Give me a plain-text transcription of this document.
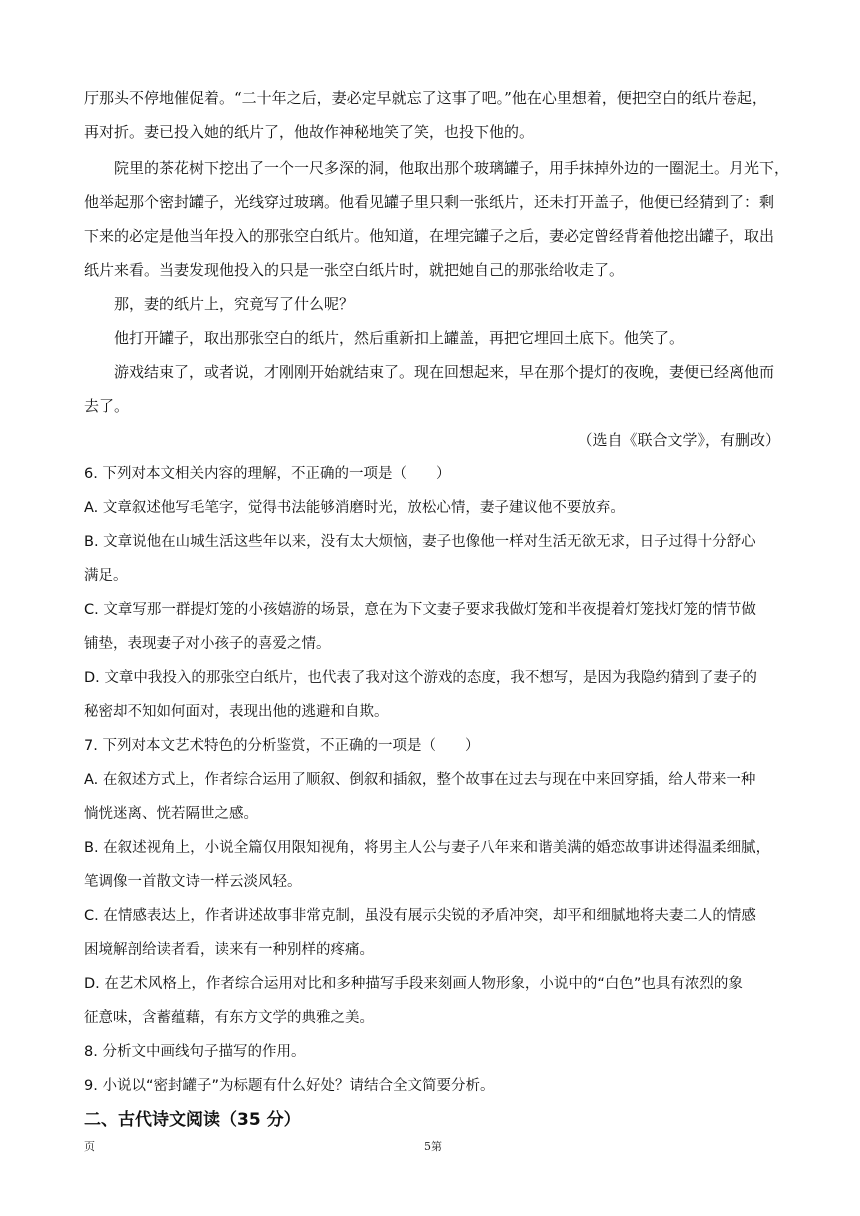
厅那头不停地催促着。“二十年之后，妻必定早就忘了这事了吧。”他在心里想着，便把空白的纸片卷起，
再对折。妻已投入她的纸片了，他故作神秘地笑了笑，也投下他的。
院里的茶花树下挖出了一个一尺多深的洞，他取出那个玻璃罐子，用手抹掉外边的一圈泥土。月光下，
他举起那个密封罐子，光线穿过玻璃。他看见罐子里只剩一张纸片，还未打开盖子，他便已经猜到了：剩
下来的必定是他当年投入的那张空白纸片。他知道，在埋完罐子之后，妻必定曾经背着他挖出罐子，取出
纸片来看。当妻发现他投入的只是一张空白纸片时，就把她自己的那张给收走了。
那，妻的纸片上，究竟写了什么呢？
他打开罐子，取出那张空白的纸片，然后重新扣上罐盖，再把它埋回土底下。他笑了。
游戏结束了，或者说，才刚刚开始就结束了。现在回想起来，早在那个提灯的夜晚，妻便已经离他而
去了。
（选自《联合文学》，有删改）
6. 下列对本文相关内容的理解，不正确的一项是（　　）
A. 文章叙述他写毛笔字，觉得书法能够消磨时光，放松心情，妻子建议他不要放弃。
B. 文章说他在山城生活这些年以来，没有太大烦恼，妻子也像他一样对生活无欲无求，日子过得十分舒心
满足。
C. 文章写那一群提灯笼的小孩嬉游的场景，意在为下文妻子要求我做灯笼和半夜提着灯笼找灯笼的情节做
铺垫，表现妻子对小孩子的喜爱之情。
D. 文章中我投入的那张空白纸片，也代表了我对这个游戏的态度，我不想写，是因为我隐约猜到了妻子的
秘密却不知如何面对，表现出他的逃避和自欺。
7. 下列对本文艺术特色的分析鉴赏，不正确的一项是（　　）
A. 在叙述方式上，作者综合运用了顺叙、倒叙和插叙，整个故事在过去与现在中来回穿插，给人带来一种
惝恍迷离、恍若隔世之感。
B. 在叙述视角上，小说全篇仅用限知视角，将男主人公与妻子八年来和谐美满的婚恋故事讲述得温柔细腻，
笔调像一首散文诗一样云淡风轻。
C. 在情感表达上，作者讲述故事非常克制，虽没有展示尖锐的矛盾冲突，却平和细腻地将夫妻二人的情感
困境解剖给读者看，读来有一种别样的疼痛。
D. 在艺术风格上，作者综合运用对比和多种描写手段来刻画人物形象，小说中的“白色”也具有浓烈的象
征意味，含蓄蕴藉，有东方文学的典雅之美。
8. 分析文中画线句子描写的作用。
9. 小说以“密封罐子”为标题有什么好处？请结合全文简要分析。
二、古代诗文阅读（35 分）
页	5第
